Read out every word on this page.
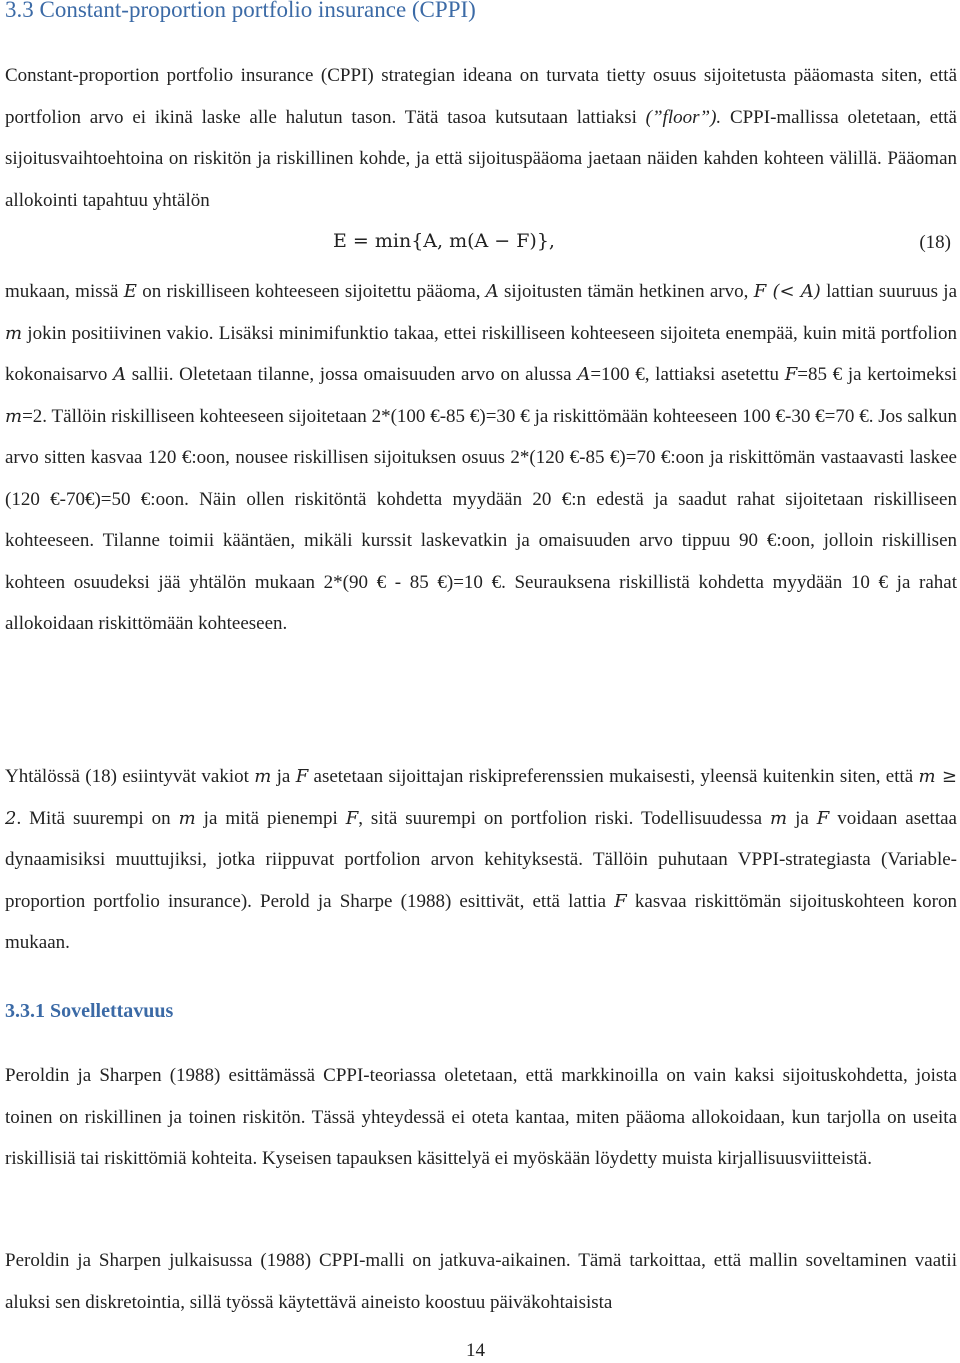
3.3 Constant-proportion portfolio insurance (CPPI)

Constant-proportion portfolio insurance (CPPI) strategian ideana on turvata tietty osuus sijoitetusta pääomasta siten, että portfolion arvo ei ikinä laske alle halutun tason. Tätä tasoa kutsutaan lattiaksi (”floor”). CPPI-mallissa oletetaan, että sijoitusvaihtoehtoina on riskitön ja riskillinen kohde, ja että sijoituspääoma jaetaan näiden kahden kohteen välillä. Pääoman allokointi tapahtuu yhtälön

E = min{A, m(A − F)},	(18)

mukaan, missä E on riskilliseen kohteeseen sijoitettu pääoma, A sijoitusten tämän hetkinen arvo, F (< A) lattian suuruus ja m jokin positiivinen vakio. Lisäksi minimifunktio takaa, ettei riskilliseen kohteeseen sijoiteta enempää, kuin mitä portfolion kokonaisarvo A sallii. Oletetaan tilanne, jossa omaisuuden arvo on alussa A=100 €, lattiaksi asetettu F=85 € ja kertoimeksi m=2. Tällöin riskilliseen kohteeseen sijoitetaan 2*(100 €-85 €)=30 € ja riskittömään kohteeseen 100 €-30 €=70 €. Jos salkun arvo sitten kasvaa 120 €:oon, nousee riskillisen sijoituksen osuus 2*(120 €-85 €)=70 €:oon ja riskittömän vastaavasti laskee (120 €-70€)=50 €:oon. Näin ollen riskitöntä kohdetta myydään 20 €:n edestä ja saadut rahat sijoitetaan riskilliseen kohteeseen. Tilanne toimii kääntäen, mikäli kurssit laskevatkin ja omaisuuden arvo tippuu 90 €:oon, jolloin riskillisen kohteen osuudeksi jää yhtälön mukaan 2*(90 € - 85 €)=10 €. Seurauksena riskillistä kohdetta myydään 10 € ja rahat allokoidaan riskittömään kohteeseen.

Yhtälössä (18) esiintyvät vakiot m ja F asetetaan sijoittajan riskipreferenssien mukaisesti, yleensä kuitenkin siten, että m ≥ 2. Mitä suurempi on m ja mitä pienempi F, sitä suurempi on portfolion riski. Todellisuudessa m ja F voidaan asettaa dynaamisiksi muuttujiksi, jotka riippuvat portfolion arvon kehityksestä. Tällöin puhutaan VPPI-strategiasta (Variable-proportion portfolio insurance). Perold ja Sharpe (1988) esittivät, että lattia F kasvaa riskittömän sijoituskohteen koron mukaan.

3.3.1 Sovellettavuus

Peroldin ja Sharpen (1988) esittämässä CPPI-teoriassa oletetaan, että markkinoilla on vain kaksi sijoituskohdetta, joista toinen on riskillinen ja toinen riskitön. Tässä yhteydessä ei oteta kantaa, miten pääoma allokoidaan, kun tarjolla on useita riskillisiä tai riskittömiä kohteita. Kyseisen tapauksen käsittelyä ei myöskään löydetty muista kirjallisuusviitteistä.

Peroldin ja Sharpen julkaisussa (1988) CPPI-malli on jatkuva-aikainen. Tämä tarkoittaa, että mallin soveltaminen vaatii aluksi sen diskretointia, sillä työssä käytettävä aineisto koostuu päiväkohtaisista

14
